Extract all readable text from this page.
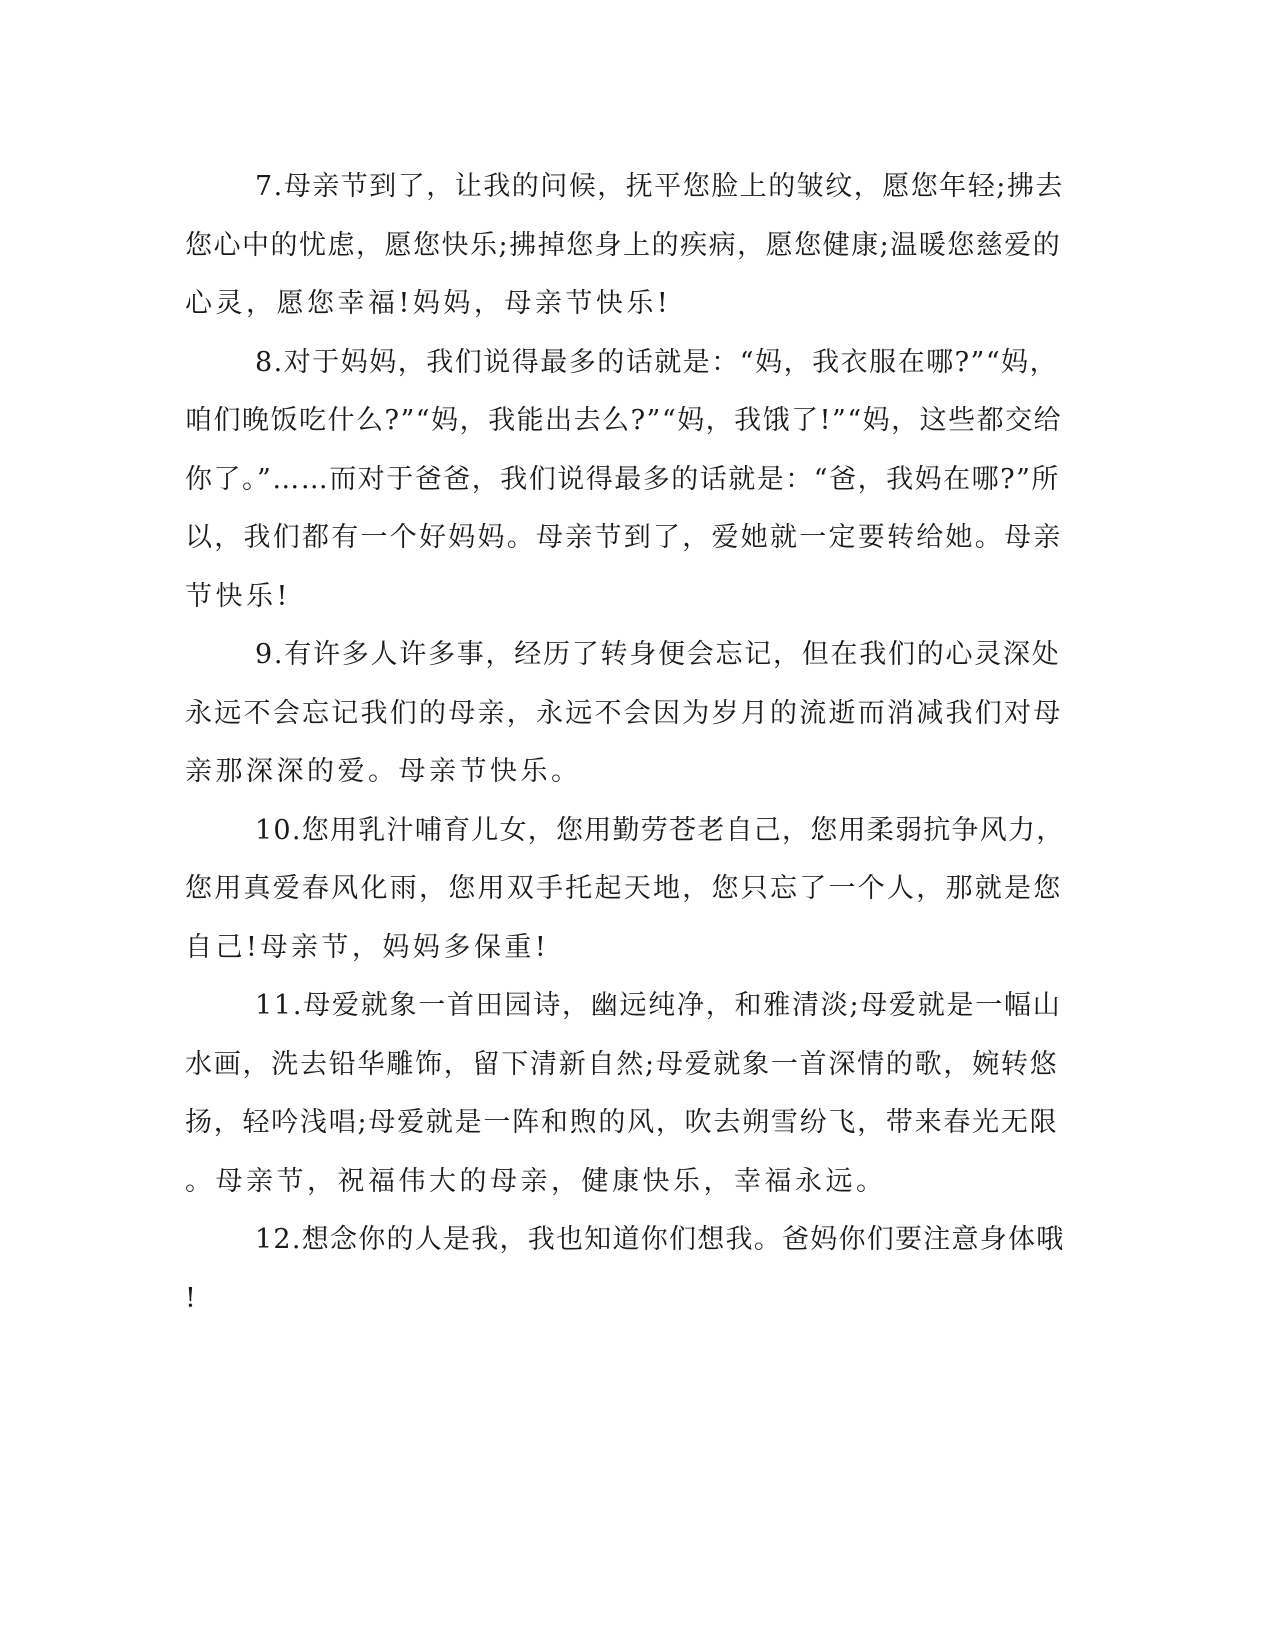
7.母亲节到了，让我的问候，抚平您脸上的皱纹，愿您年轻;拂去
您心中的忧虑，愿您快乐;拂掉您身上的疾病，愿您健康;温暖您慈爱的
心灵，愿您幸福!妈妈，母亲节快乐!
8.对于妈妈，我们说得最多的话就是：“妈，我衣服在哪?”“妈，
咱们晚饭吃什么?”“妈，我能出去么?”“妈，我饿了!”“妈，这些都交给
你了。”……而对于爸爸，我们说得最多的话就是：“爸，我妈在哪?”所
以，我们都有一个好妈妈。母亲节到了，爱她就一定要转给她。母亲
节快乐!
9.有许多人许多事，经历了转身便会忘记，但在我们的心灵深处
永远不会忘记我们的母亲，永远不会因为岁月的流逝而消减我们对母
亲那深深的爱。母亲节快乐。
10.您用乳汁哺育儿女，您用勤劳苍老自己，您用柔弱抗争风力，
您用真爱春风化雨，您用双手托起天地，您只忘了一个人，那就是您
自己!母亲节，妈妈多保重!
11.母爱就象一首田园诗，幽远纯净，和雅清淡;母爱就是一幅山
水画，洗去铅华雕饰，留下清新自然;母爱就象一首深情的歌，婉转悠
扬，轻吟浅唱;母爱就是一阵和煦的风，吹去朔雪纷飞，带来春光无限
。母亲节，祝福伟大的母亲，健康快乐，幸福永远。
12.想念你的人是我，我也知道你们想我。爸妈你们要注意身体哦
!
